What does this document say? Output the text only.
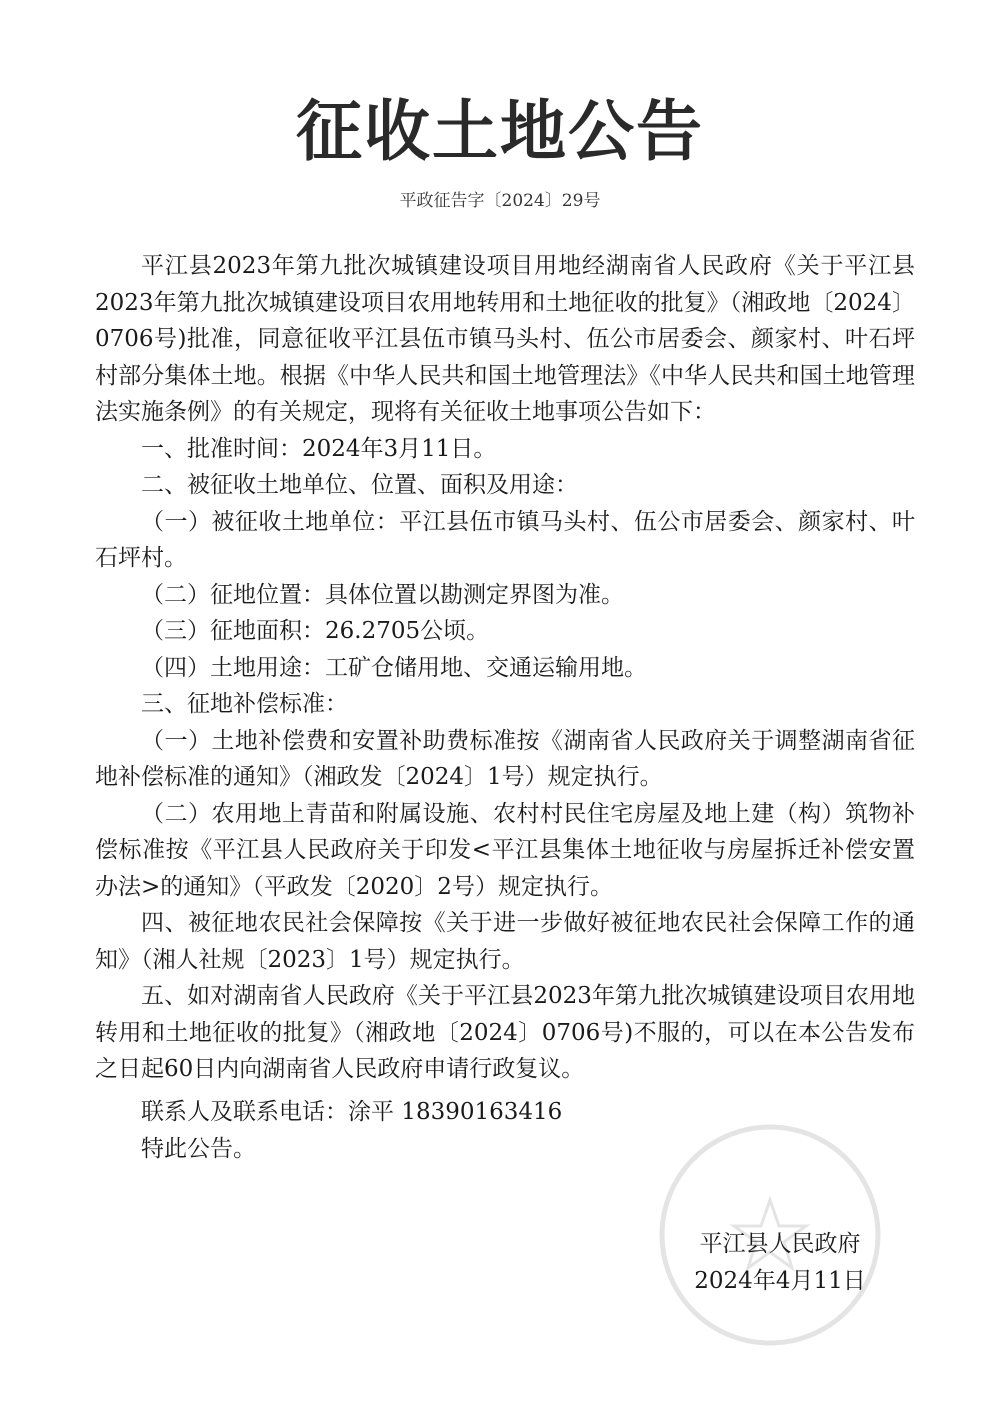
征收土地公告
平政征告字〔2024〕29号

平江县2023年第九批次城镇建设项目用地经湖南省人民政府《关于平江县2023年第九批次城镇建设项目农用地转用和土地征收的批复》（湘政地〔2024〕0706号)批准，同意征收平江县伍市镇马头村、伍公市居委会、颜家村、叶石坪村部分集体土地。根据《中华人民共和国土地管理法》《中华人民共和国土地管理法实施条例》的有关规定，现将有关征收土地事项公告如下：

一、批准时间：2024年3月11日。

二、被征收土地单位、位置、面积及用途：

（一）被征收土地单位：平江县伍市镇马头村、伍公市居委会、颜家村、叶石坪村。

（二）征地位置：具体位置以勘测定界图为准。

（三）征地面积：26.2705公顷。

（四）土地用途：工矿仓储用地、交通运输用地。

三、征地补偿标准：

（一）土地补偿费和安置补助费标准按《湖南省人民政府关于调整湖南省征地补偿标准的通知》（湘政发〔2024〕1号）规定执行。

（二）农用地上青苗和附属设施、农村村民住宅房屋及地上建（构）筑物补偿标准按《平江县人民政府关于印发<平江县集体土地征收与房屋拆迁补偿安置办法>的通知》（平政发〔2020〕2号）规定执行。

四、被征地农民社会保障按《关于进一步做好被征地农民社会保障工作的通知》（湘人社规〔2023〕1号）规定执行。

五、如对湖南省人民政府《关于平江县2023年第九批次城镇建设项目农用地转用和土地征收的批复》（湘政地〔2024〕0706号)不服的，可以在本公告发布之日起60日内向湖南省人民政府申请行政复议。

联系人及联系电话：涂平 18390163416

特此公告。

平江县人民政府
2024年4月11日
